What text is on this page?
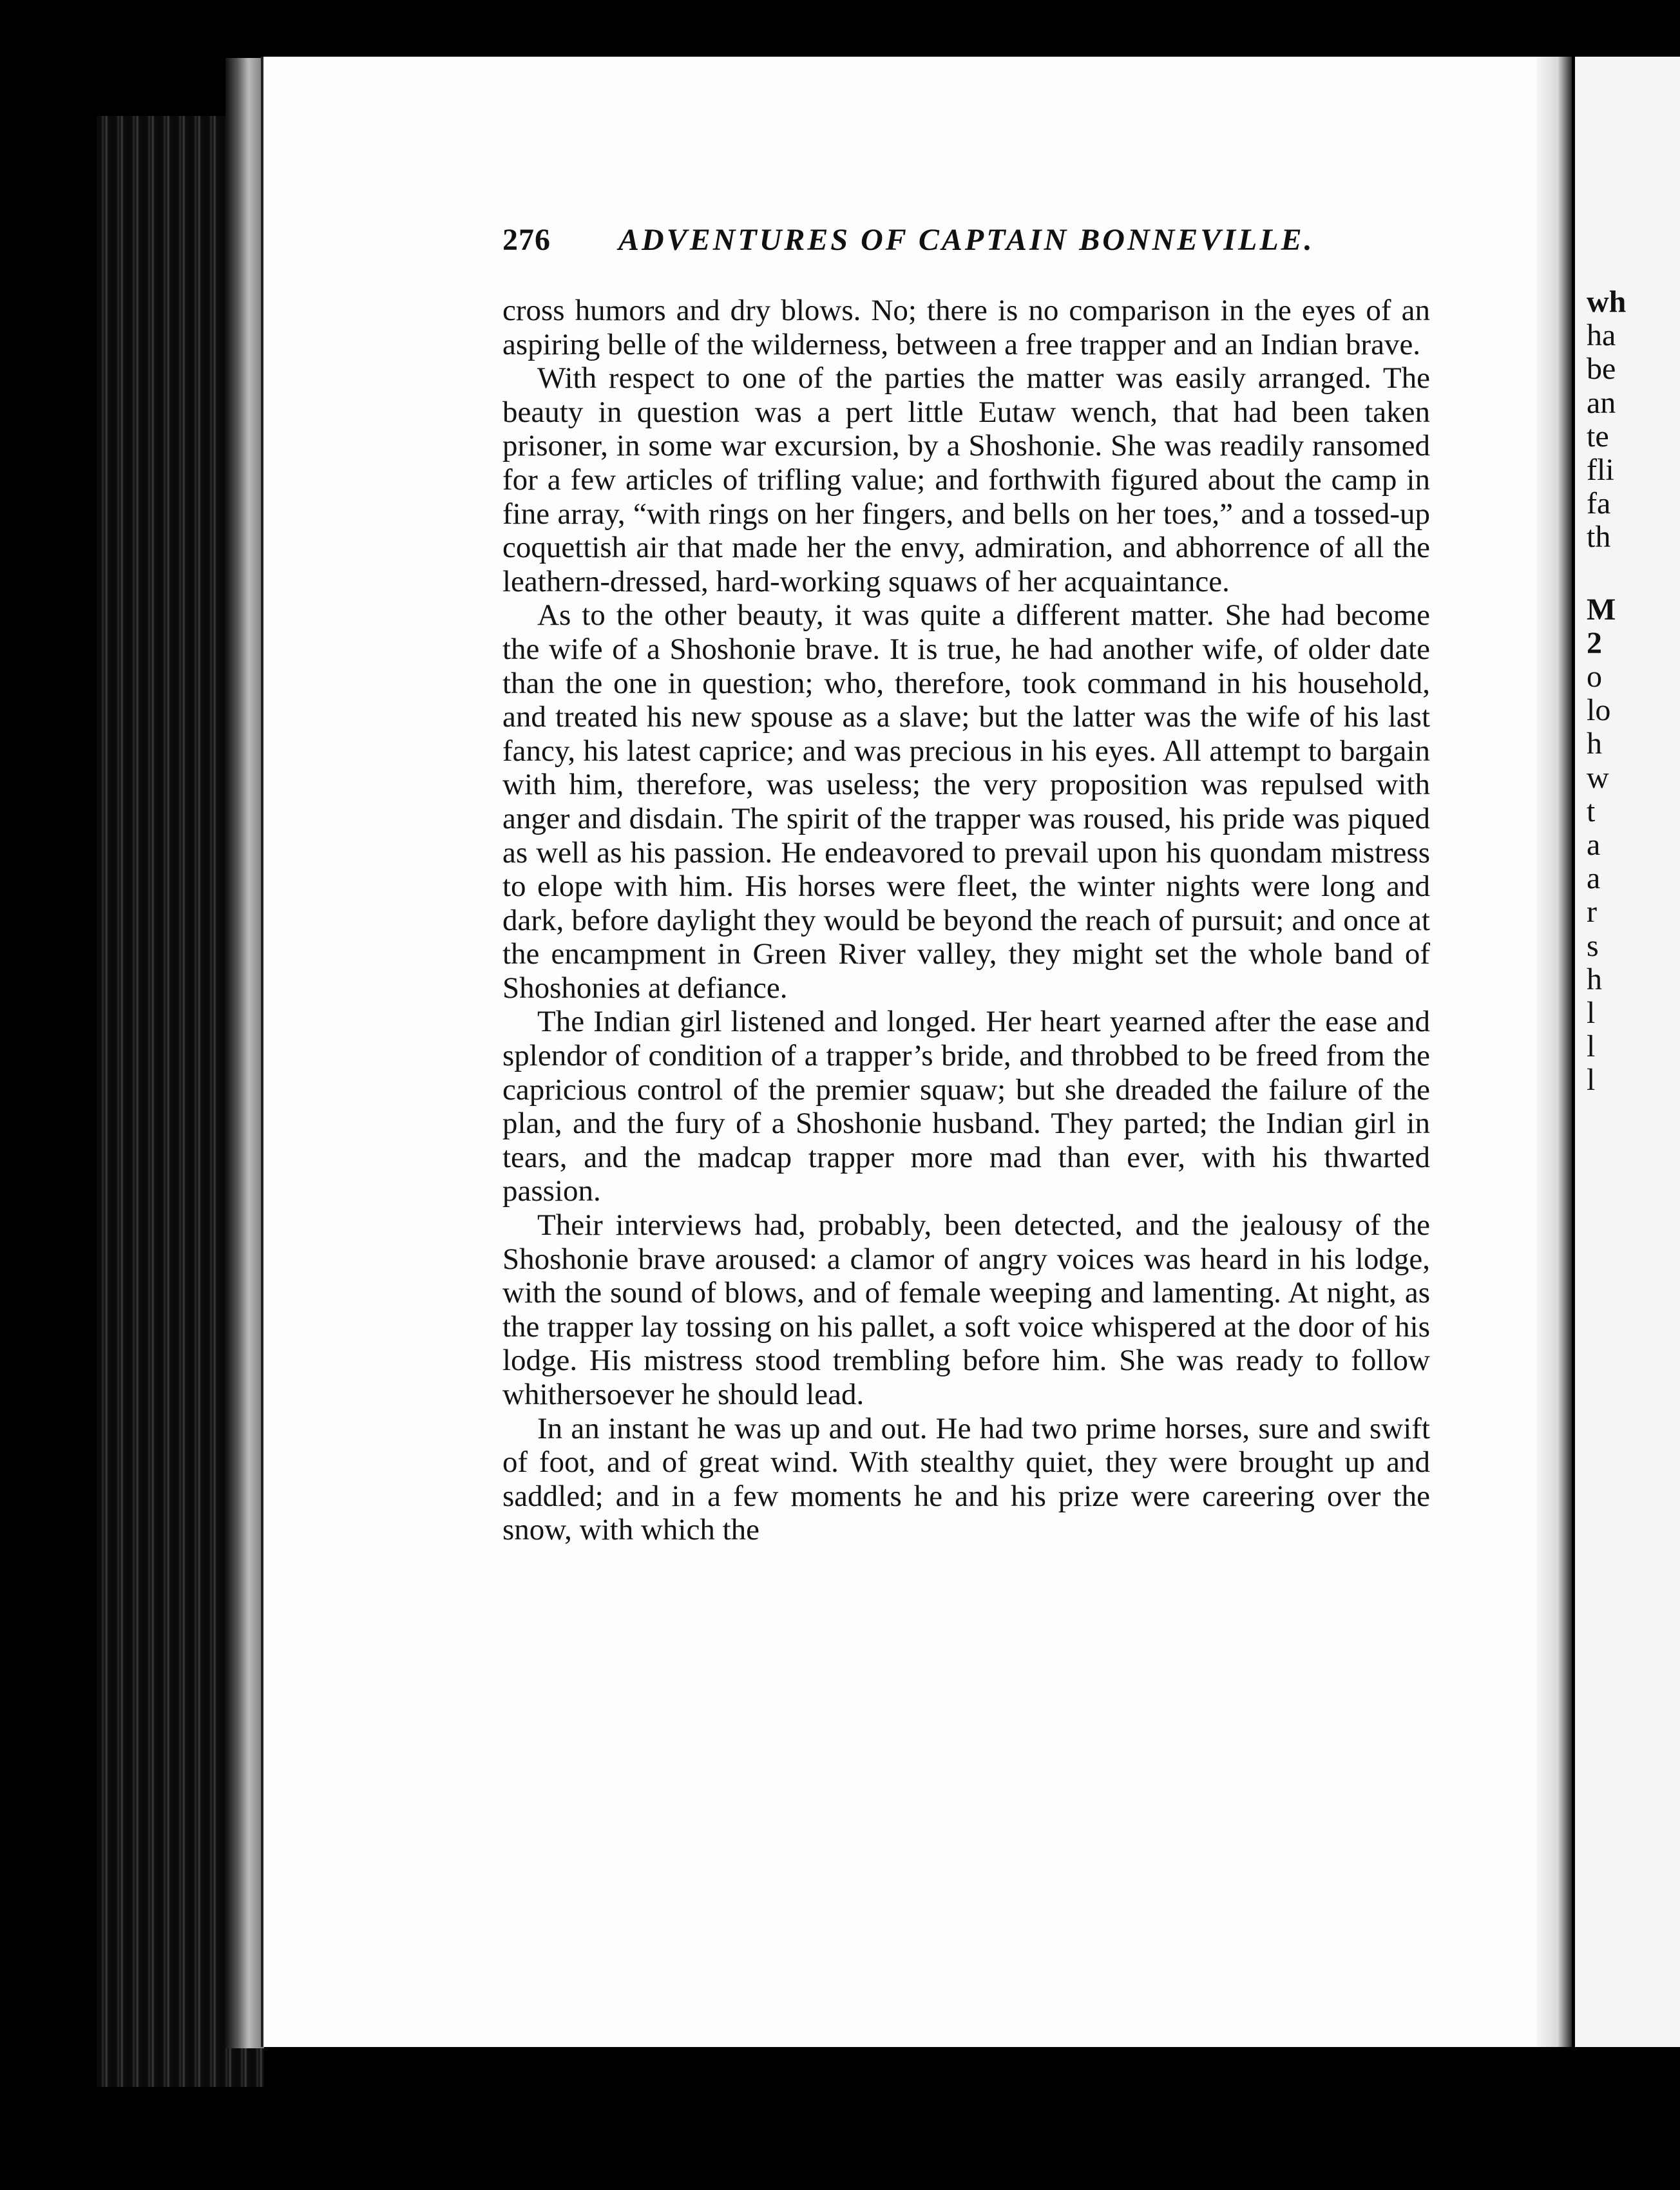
wh
ha
be
an
te
fli
fa
th
M
2
o
lo
h
w
t
a
a
r
s
h
l
l
l
276 ADVENTURES OF CAPTAIN BONNEVILLE.

cross humors and dry blows. No; there is no comparison in the eyes of an aspiring belle of the wilderness, between a free trapper and an Indian brave.

With respect to one of the parties the matter was easily arranged. The beauty in question was a pert little Eutaw wench, that had been taken prisoner, in some war excursion, by a Shoshonie. She was readily ransomed for a few articles of trifling value; and forthwith figured about the camp in fine array, “with rings on her fingers, and bells on her toes,” and a tossed-up coquettish air that made her the envy, admiration, and abhorrence of all the leathern-dressed, hard-working squaws of her acquaintance.

As to the other beauty, it was quite a different matter. She had become the wife of a Shoshonie brave. It is true, he had another wife, of older date than the one in question; who, therefore, took command in his household, and treated his new spouse as a slave; but the latter was the wife of his last fancy, his latest caprice; and was precious in his eyes. All attempt to bargain with him, therefore, was useless; the very proposition was repulsed with anger and disdain. The spirit of the trapper was roused, his pride was piqued as well as his passion. He endeavored to prevail upon his quondam mistress to elope with him. His horses were fleet, the winter nights were long and dark, before daylight they would be beyond the reach of pursuit; and once at the encampment in Green River valley, they might set the whole band of Shoshonies at defiance.

The Indian girl listened and longed. Her heart yearned after the ease and splendor of condition of a trapper’s bride, and throbbed to be freed from the capricious control of the premier squaw; but she dreaded the failure of the plan, and the fury of a Shoshonie husband. They parted; the Indian girl in tears, and the madcap trapper more mad than ever, with his thwarted passion.

Their interviews had, probably, been detected, and the jealousy of the Shoshonie brave aroused: a clamor of angry voices was heard in his lodge, with the sound of blows, and of female weeping and lamenting. At night, as the trapper lay tossing on his pallet, a soft voice whispered at the door of his lodge. His mistress stood trembling before him. She was ready to follow whithersoever he should lead.

In an instant he was up and out. He had two prime horses, sure and swift of foot, and of great wind. With stealthy quiet, they were brought up and saddled; and in a few moments he and his prize were careering over the snow, with which the
